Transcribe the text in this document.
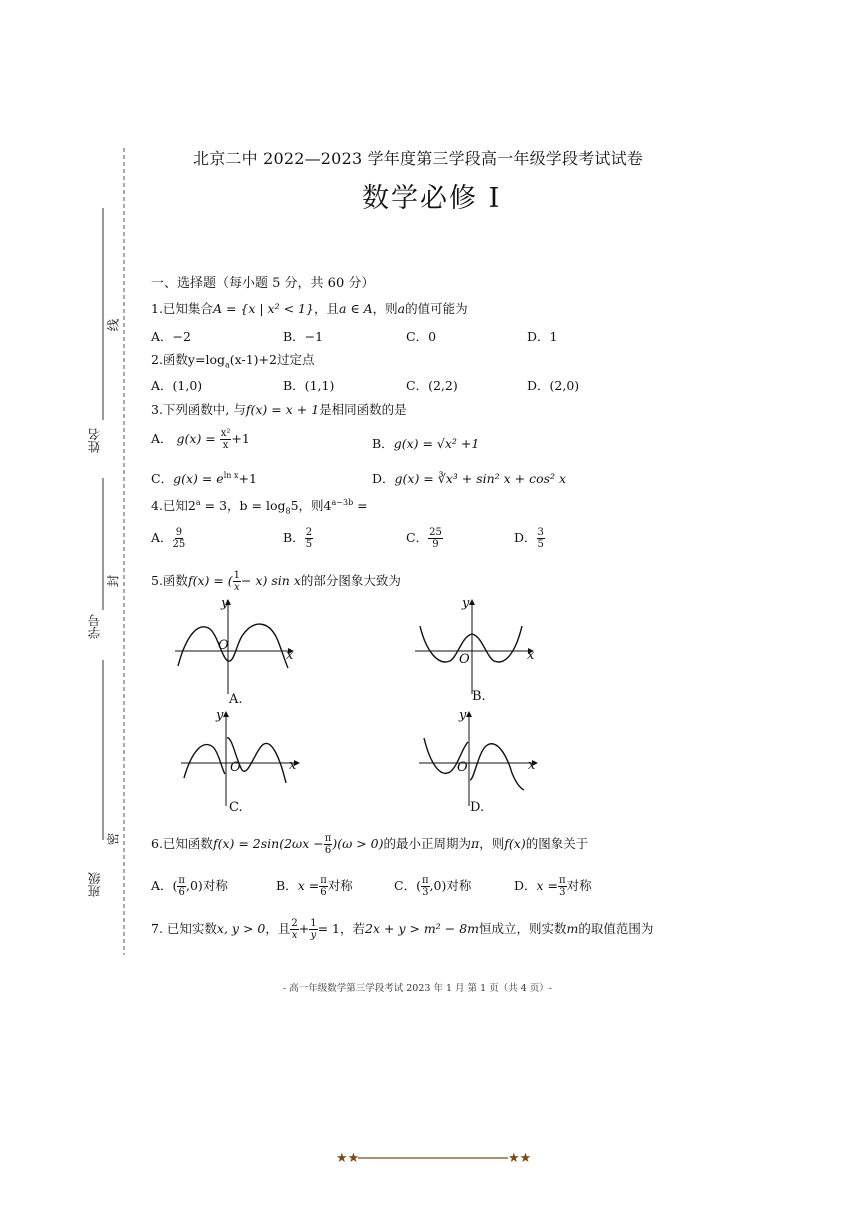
北京二中 2022—2023 学年度第三学段高一年级学段考试试卷
数学必修 I
线
封
密
姓名
学号
班级
一、选择题（每小题 5 分，共 60 分）
1.已知集合A = {x | x² < 1}，且a ∈ A，则a的值可能为
A．−2	B．−1	C．0	D．1
2.函数$y=\log_a(x-1)+2$过定点
A．(1,0)	B．(1,1)	C．(2,2)	D．(2,0)
3.下列函数中, 与f(x) = x + 1是相同函数的是
A． $g(x) = \frac{\text{x²}}{x} +1$	B．g(x) = √x² +1
C．$g(x) = e^{ln x}+1$	D．g(x) = ∛x³ + sin² x + cos² x
4.已知$2^a = 3$，$b = \log_85$，则$4^{a-3b}$ =
A． $\frac{9}{25}$	B． $\frac{2}{5}$	C． $\frac{25}{9}$	D． $\frac{3}{5}$
5.函数f(x) = ( $\frac{1}{x} - x$) sin x的部分图象大致为
y
x
O
A.
y
x
O
B.
y
x
O
C.
y
x
O
D.
6.已知函数$f(x) = 2\sin(2\omega x - \frac{\pi}{6} )(\omega > 0)$的最小正周期为π，则f(x)的图象关于
A．( $\frac{\pi}{6} ,0$)对称	B．$x = \frac{\pi}{6}$ 对称	C．( $\frac{\pi}{3} ,0$)对称	D．$x = \frac{\pi}{3}$ 对称
7. 已知实数x, y > 0，且 $\frac{2}{x} + \frac{1}{y} = 1$，若2x + y > m² − 8m恒成立，则实数m的取值范围为
- 高一年级数学第三学段考试 2023 年 1 月 第 1 页（共 4 页）-
★★	★★
